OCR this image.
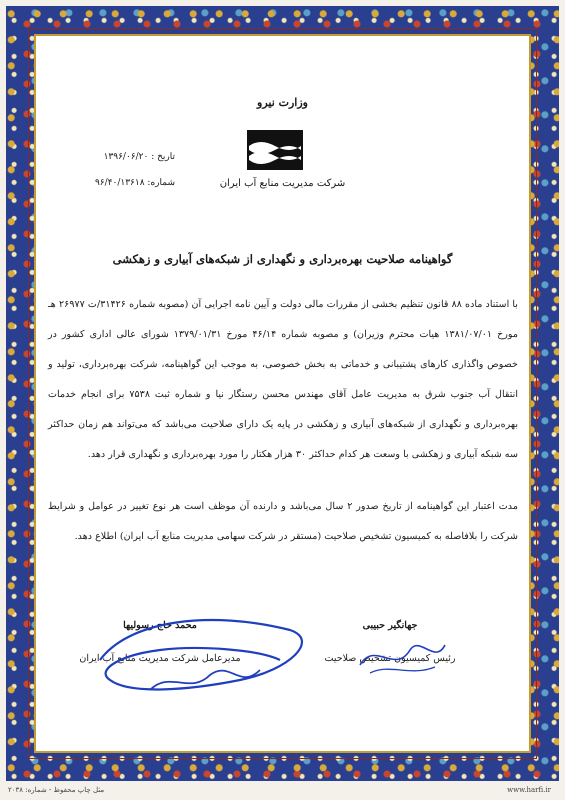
وزارت نیرو
شرکت مدیریت منابع آب ایران
تاریخ : ۱۳۹۶/۰۶/۲۰
شماره: ۹۶/۴۰/۱۳۶۱۸
گواهینامه صلاحیت بهره‌برداری و نگهداری از شبکه‌های آبیاری و زهکشی
با استناد ماده ۸۸ قانون تنظیم بخشی از مقررات مالی دولت و آیین نامه اجرایی آن (مصوبه شماره ۳۱۴۲۶/ت ۲۶۹۷۷ هـ مورخ ۱۳۸۱/۰۷/۰۱ هیات محترم وزیران) و مصوبه شماره ۴۶/۱۴ مورخ ۱۳۷۹/۰۱/۳۱ شورای عالی اداری کشور در خصوص واگذاری کارهای پشتیبانی و خدماتی به بخش خصوصی، به موجب این گواهینامه، شرکت بهره‌برداری، تولید و انتقال آب جنوب شرق به مدیریت عامل آقای مهندس محسن رستگار نیا و شماره ثبت ۷۵۳۸ برای انجام خدمات بهره‌برداری و نگهداری از شبکه‌های آبیاری و زهکشی در پایه یک دارای صلاحیت می‌باشد که می‌تواند هم زمان حداکثر سه شبکه آبیاری و زهکشی با وسعت هر کدام حداکثر ۳۰ هزار هکتار را مورد بهره‌برداری و نگهداری قرار دهد.
مدت اعتبار این گواهینامه از تاریخ صدور ۲ سال می‌باشد و دارنده آن موظف است هر نوع تغییر در عوامل و شرایط شرکت را بلافاصله به کمیسیون تشخیص صلاحیت (مستقر در شرکت سهامی مدیریت منابع آب ایران) اطلاع دهد.
محمد حاج رسولیها
مدیرعامل شرکت مدیریت منابع آب ایران
جهانگیر حبیبی
رئیس کمیسیون تشخیص صلاحیت
مثل چاپ محفوظ - شماره: ۲۰۳۸	www.harfi.ir
